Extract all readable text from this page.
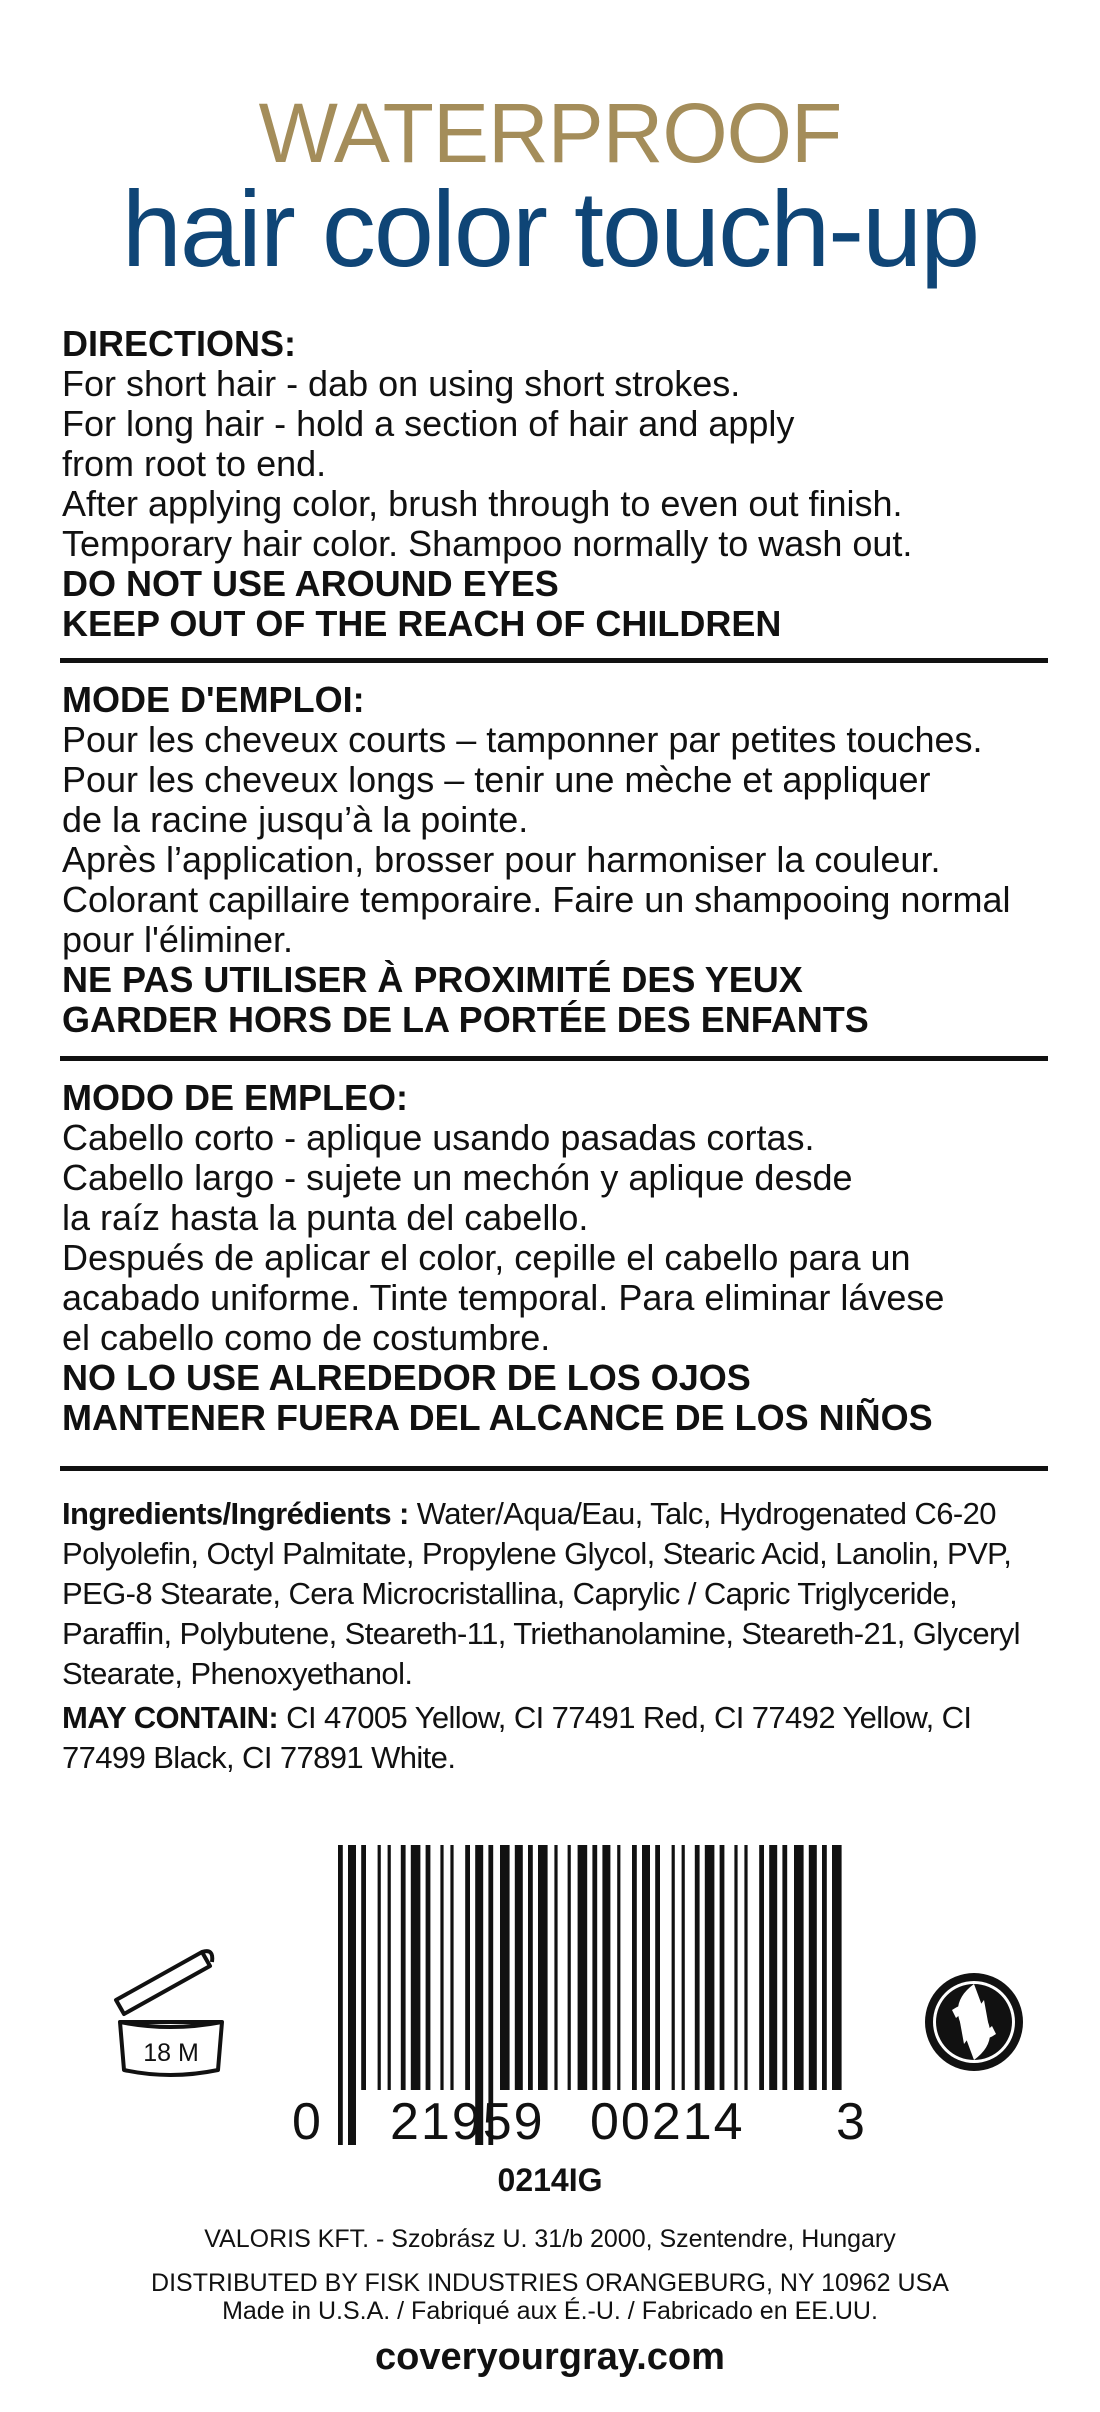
WATERPROOF
hair color touch-up
DIRECTIONS:
For short hair - dab on using short strokes.
For long hair - hold a section of hair and apply
from root to end.
After applying color, brush through to even out finish.
Temporary hair color. Shampoo normally to wash out.
DO NOT USE AROUND EYES
KEEP OUT OF THE REACH OF CHILDREN
MODE D'EMPLOI:
Pour les cheveux courts – tamponner par petites touches.
Pour les cheveux longs – tenir une mèche et appliquer
de la racine jusqu’à la pointe.
Après l’application, brosser pour harmoniser la couleur.
Colorant capillaire temporaire. Faire un shampooing normal
pour l'éliminer.
NE PAS UTILISER À PROXIMITÉ DES YEUX
GARDER HORS DE LA PORTÉE DES ENFANTS
MODO DE EMPLEO:
Cabello corto - aplique usando pasadas cortas.
Cabello largo - sujete un mechón y aplique desde
la raíz hasta la punta del cabello.
Después de aplicar el color, cepille el cabello para un
acabado uniforme. Tinte temporal. Para eliminar lávese
el cabello como de costumbre.
NO LO USE ALREDEDOR DE LOS OJOS
MANTENER FUERA DEL ALCANCE DE LOS NIÑOS
Ingredients/Ingrédients : Water/Aqua/Eau, Talc, Hydrogenated C6-20 Polyolefin, Octyl Palmitate, Propylene Glycol, Stearic Acid, Lanolin, PVP, PEG-8 Stearate, Cera Microcristallina, Caprylic / Capric Triglyceride, Paraffin, Polybutene, Steareth-11, Triethanolamine, Steareth-21, Glyceryl Stearate, Phenoxyethanol.
MAY CONTAIN: CI 47005 Yellow, CI 77491 Red, CI 77492 Yellow, CI 77499 Black, CI 77891 White.
18 M
0 21959 00214 3
0214IG
VALORIS KFT. - Szobrász U. 31/b 2000, Szentendre, Hungary
DISTRIBUTED BY FISK INDUSTRIES ORANGEBURG, NY 10962 USA
Made in U.S.A. / Fabriqué aux É.-U. / Fabricado en EE.UU.
coveryourgray.com
